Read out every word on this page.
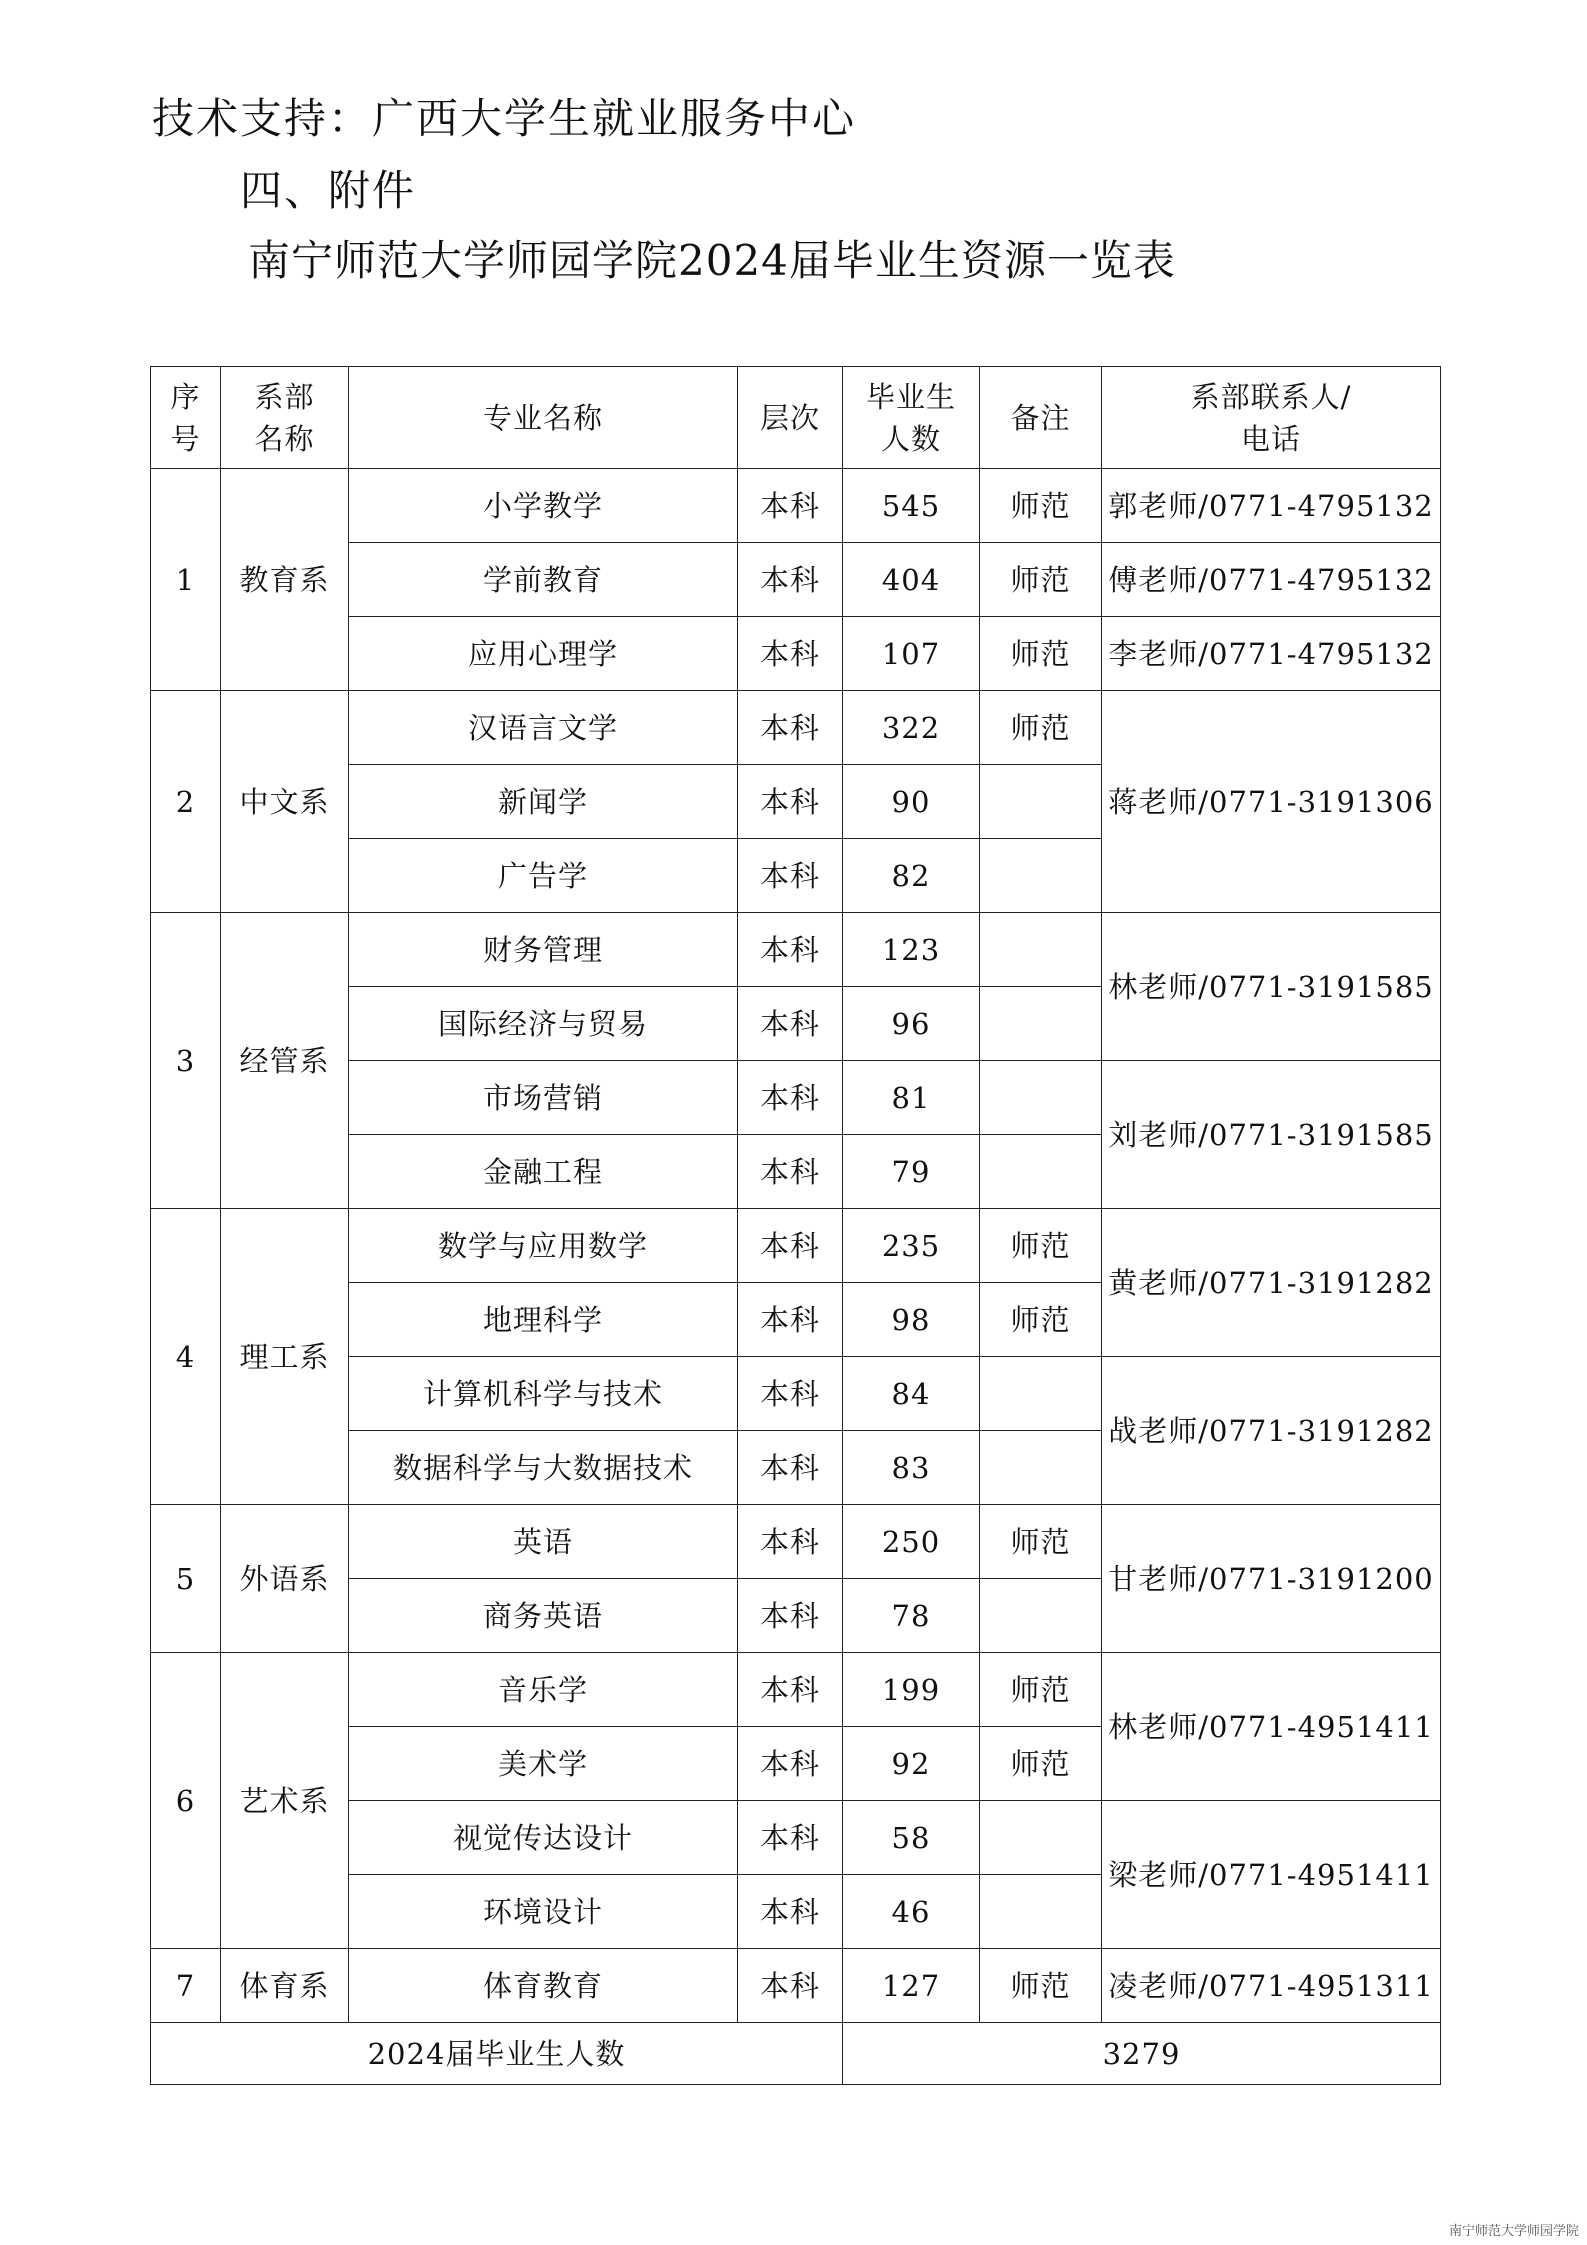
技术支持：广西大学生就业服务中心
四、附件
南宁师范大学师园学院2024届毕业生资源一览表
序号	系部名称	专业名称	层次	毕业生人数	备注	系部联系人/电话
1	教育系	小学教学	本科	545	师范	郭老师/0771-4795132
		学前教育	本科	404	师范	傅老师/0771-4795132
		应用心理学	本科	107	师范	李老师/0771-4795132
2	中文系	汉语言文学	本科	322	师范	蒋老师/0771-3191306
		新闻学	本科	90		
		广告学	本科	82		
3	经管系	财务管理	本科	123		林老师/0771-3191585
		国际经济与贸易	本科	96		
		市场营销	本科	81		刘老师/0771-3191585
		金融工程	本科	79		
4	理工系	数学与应用数学	本科	235	师范	黄老师/0771-3191282
		地理科学	本科	98	师范	
		计算机科学与技术	本科	84		战老师/0771-3191282
		数据科学与大数据技术	本科	83		
5	外语系	英语	本科	250	师范	甘老师/0771-3191200
		商务英语	本科	78		
6	艺术系	音乐学	本科	199	师范	林老师/0771-4951411
		美术学	本科	92	师范	
		视觉传达设计	本科	58		梁老师/0771-4951411
		环境设计	本科	46		
7	体育系	体育教育	本科	127	师范	凌老师/0771-4951311
2024届毕业生人数				3279		
南宁师范大学师园学院
